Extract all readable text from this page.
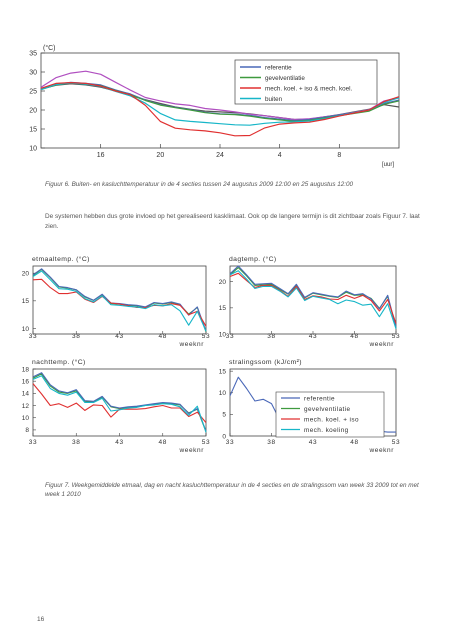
10
15
20
25
30
35
16	20	24	4	8
(°C)
[uur]
referentie
gevelventilatie
mech. koel. + iso & mech. koel.
buiten
Figuur 6. Buiten- en kasluchttemperatuur in de 4 secties tussen 24 augustus 2009 12:00 en 25 augustus 12:00
De systemen hebben dus grote invloed op het gerealiseerd kasklimaat. Ook op de langere termijn is dit zichtbaar zoals Figuur 7. laat zien.
10
15
20
33	38	43	48	53
weeknr
etmaaltemp. (°C)
10
15
20
33	38	43	48	53
weeknr
dagtemp. (°C)
8
10
12
14
16
18
33	38	43	48	53
weeknr
nachttemp. (°C)
0
5
10
15
33	38	43	48	53
weeknr
stralingssom (kJ/cm²)
referentie
gevelventilatie
mech. koel. + iso
mech. koeling
Figuur 7. Weekgemiddelde etmaal, dag en nacht kasluchttemperatuur in de 4 secties en de stralingssom van week 33 2009 tot en met week 1 2010
16
